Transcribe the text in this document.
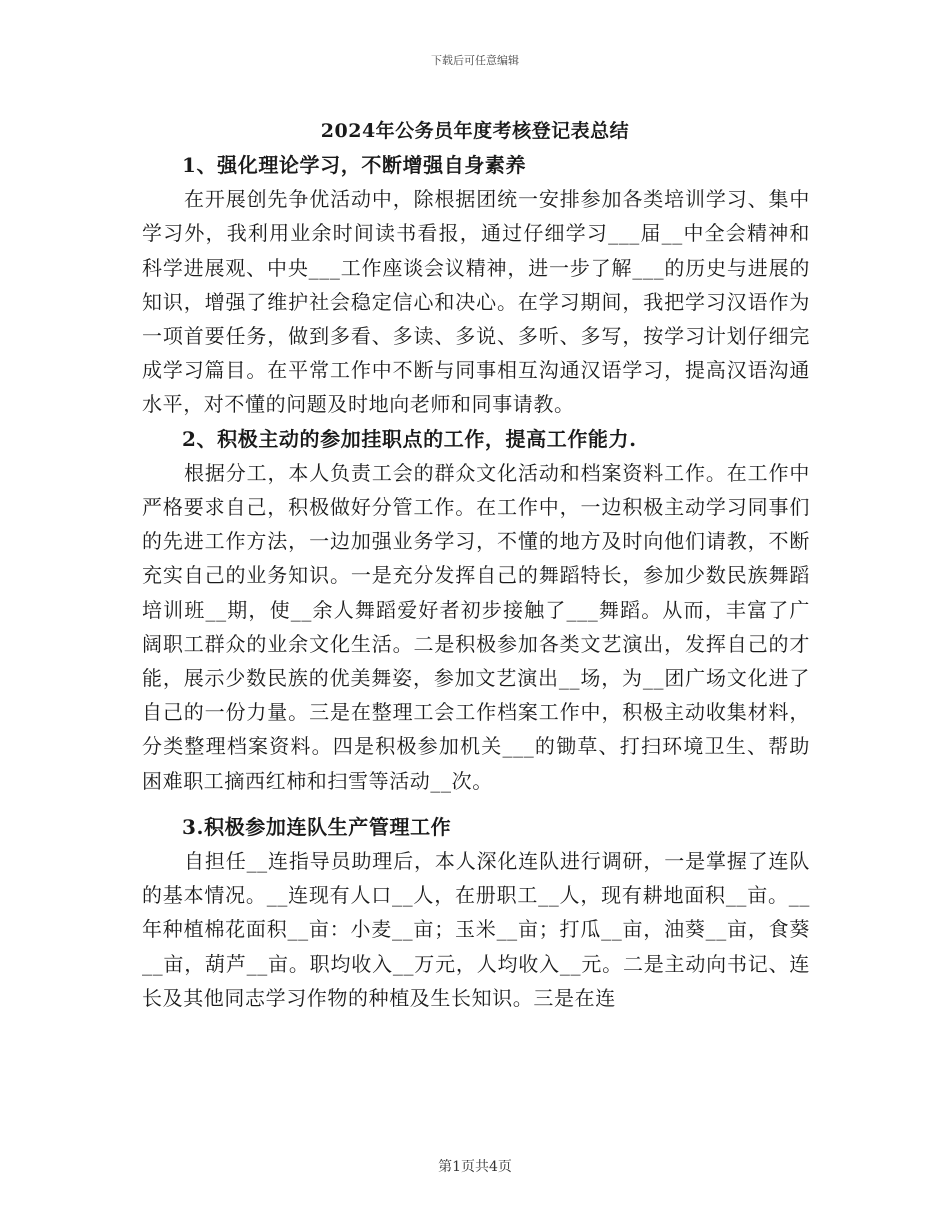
下载后可任意编辑
2024年公务员年度考核登记表总结

1、强化理论学习，不断增强自身素养

在开展创先争优活动中，除根据团统一安排参加各类培训学习、集中学习外，我利用业余时间读书看报，通过仔细学习___届__中全会精神和科学进展观、中央___工作座谈会议精神，进一步了解___的历史与进展的知识，增强了维护社会稳定信心和决心。在学习期间，我把学习汉语作为一项首要任务，做到多看、多读、多说、多听、多写，按学习计划仔细完成学习篇目。在平常工作中不断与同事相互沟通汉语学习，提高汉语沟通水平，对不懂的问题及时地向老师和同事请教。

2、积极主动的参加挂职点的工作，提高工作能力.

根据分工，本人负责工会的群众文化活动和档案资料工作。在工作中严格要求自己，积极做好分管工作。在工作中，一边积极主动学习同事们的先进工作方法，一边加强业务学习，不懂的地方及时向他们请教，不断充实自己的业务知识。一是充分发挥自己的舞蹈特长，参加少数民族舞蹈培训班__期，使__余人舞蹈爱好者初步接触了___舞蹈。从而，丰富了广阔职工群众的业余文化生活。二是积极参加各类文艺演出，发挥自己的才能，展示少数民族的优美舞姿，参加文艺演出__场，为__团广场文化进了自己的一份力量。三是在整理工会工作档案工作中，积极主动收集材料，分类整理档案资料。四是积极参加机关___的锄草、打扫环境卫生、帮助困难职工摘西红柿和扫雪等活动__次。

3.积极参加连队生产管理工作

自担任__连指导员助理后，本人深化连队进行调研，一是掌握了连队的基本情况。__连现有人口__人，在册职工__人，现有耕地面积__亩。__年种植棉花面积__亩：小麦__亩；玉米__亩；打瓜__亩，油葵__亩，食葵__亩，葫芦__亩。职均收入__万元，人均收入__元。二是主动向书记、连长及其他同志学习作物的种植及生长知识。三是在连

第1页共4页
